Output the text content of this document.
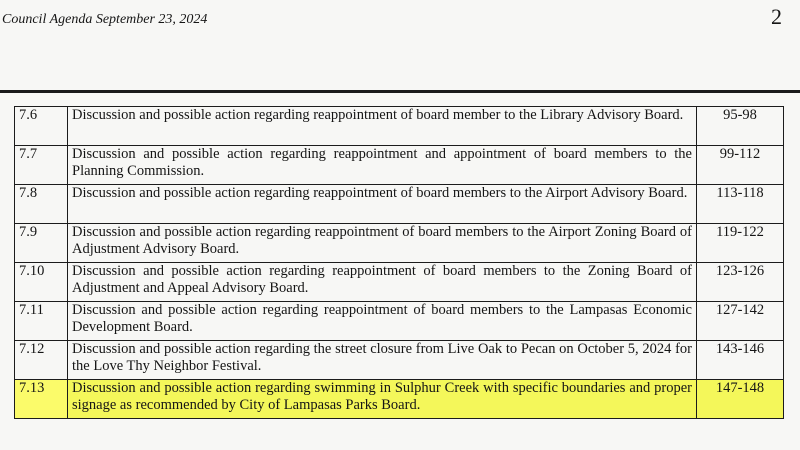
Council Agenda September 23, 2024	2
7.6	Discussion and possible action regarding reappointment of board member to the Library Advisory Board.	95-98
7.7	Discussion and possible action regarding reappointment and appointment of board members to the Planning Commission.	99-112
7.8	Discussion and possible action regarding reappointment of board members to the Airport Advisory Board.	113-118
7.9	Discussion and possible action regarding reappointment of board members to the Airport Zoning Board of Adjustment Advisory Board.	119-122
7.10	Discussion and possible action regarding reappointment of board members to the Zoning Board of Adjustment and Appeal Advisory Board.	123-126
7.11	Discussion and possible action regarding reappointment of board members to the Lampasas Economic Development Board.	127-142
7.12	Discussion and possible action regarding the street closure from Live Oak to Pecan on October 5, 2024 for the Love Thy Neighbor Festival.	143-146
7.13	Discussion and possible action regarding swimming in Sulphur Creek with specific boundaries and proper signage as recommended by City of Lampasas Parks Board.	147-148
